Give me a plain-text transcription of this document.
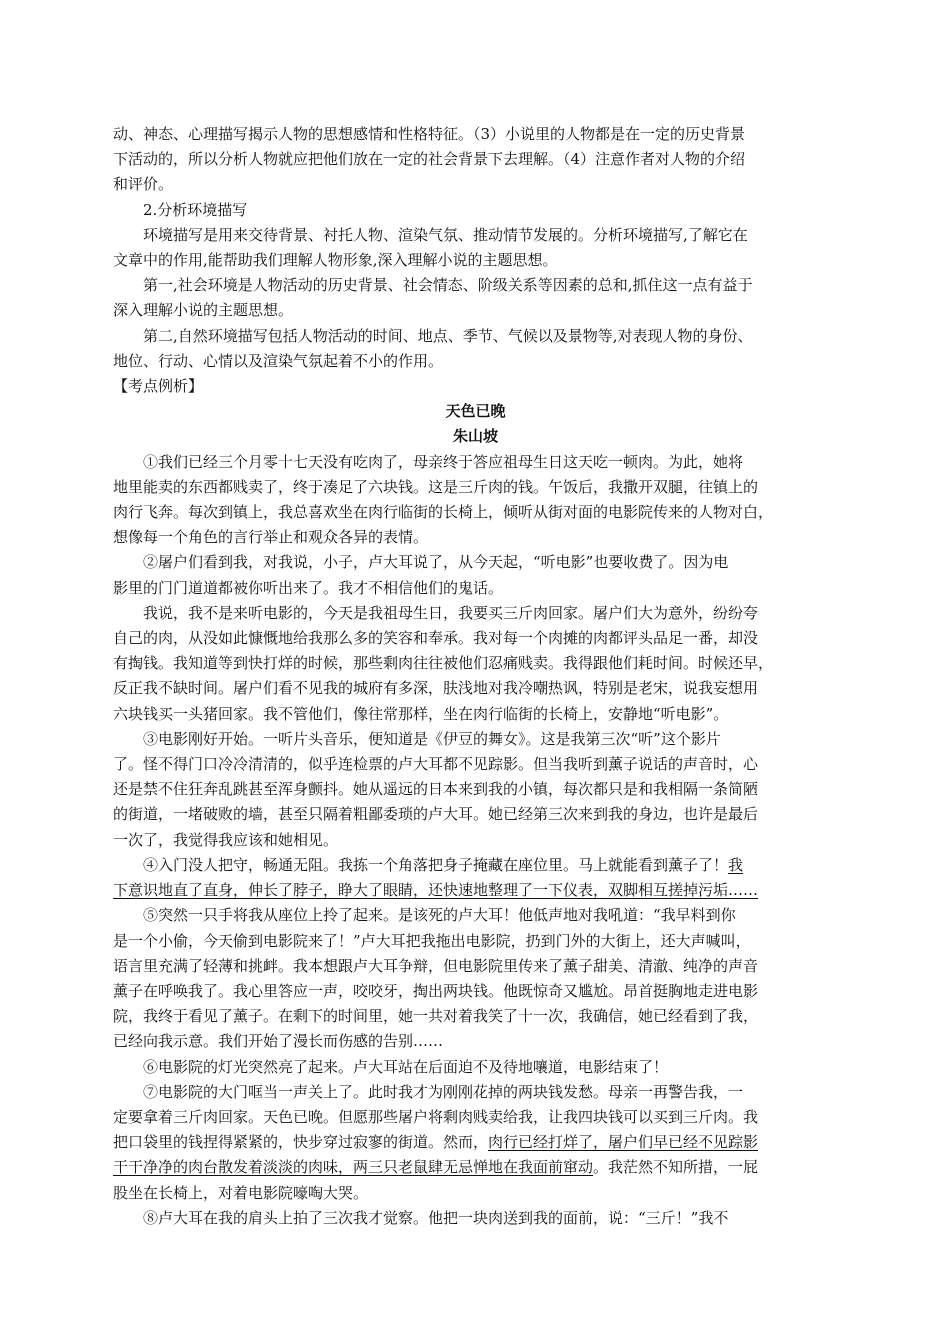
动、神态、心理描写揭示人物的思想感情和性格特征。（3）小说里的人物都是在一定的历史背景

下活动的，所以分析人物就应把他们放在一定的社会背景下去理解。（4）注意作者对人物的介绍

和评价。

2.分析环境描写

环境描写是用来交待背景、衬托人物、渲染气氛、推动情节发展的。分析环境描写,了解它在

文章中的作用,能帮助我们理解人物形象,深入理解小说的主题思想。

第一,社会环境是人物活动的历史背景、社会情态、阶级关系等因素的总和,抓住这一点有益于

深入理解小说的主题思想。

第二,自然环境描写包括人物活动的时间、地点、季节、气候以及景物等,对表现人物的身份、

地位、行动、心情以及渲染气氛起着不小的作用。

【考点例析】

天色已晚

朱山坡

①我们已经三个月零十七天没有吃肉了，母亲终于答应祖母生日这天吃一顿肉。为此，她将

地里能卖的东西都贱卖了，终于凑足了六块钱。这是三斤肉的钱。午饭后，我撒开双腿，往镇上的

肉行飞奔。每次到镇上，我总喜欢坐在肉行临街的长椅上，倾听从街对面的电影院传来的人物对白，

想像每一个角色的言行举止和观众各异的表情。

②屠户们看到我，对我说，小子，卢大耳说了，从今天起，“听电影”也要收费了。因为电

影里的门门道道都被你听出来了。我才不相信他们的鬼话。

我说，我不是来听电影的，今天是我祖母生日，我要买三斤肉回家。屠户们大为意外，纷纷夸

自己的肉，从没如此慷慨地给我那么多的笑容和奉承。我对每一个肉摊的肉都评头品足一番，却没

有掏钱。我知道等到快打烊的时候，那些剩肉往往被他们忍痛贱卖。我得跟他们耗时间。时候还早，

反正我不缺时间。屠户们看不见我的城府有多深，肤浅地对我冷嘲热讽，特别是老宋，说我妄想用

六块钱买一头猪回家。我不管他们，像往常那样，坐在肉行临街的长椅上，安静地“听电影”。

③电影刚好开始。一听片头音乐，便知道是《伊豆的舞女》。这是我第三次“听”这个影片

了。怪不得门口冷冷清清的，似乎连检票的卢大耳都不见踪影。但当我听到薰子说话的声音时，心

还是禁不住狂奔乱跳甚至浑身颤抖。她从遥远的日本来到我的小镇，每次都只是和我相隔一条简陋

的街道，一堵破败的墙，甚至只隔着粗鄙委琐的卢大耳。她已经第三次来到我的身边，也许是最后

一次了，我觉得我应该和她相见。

④入门没人把守，畅通无阻。我拣一个角落把身子掩藏在座位里。马上就能看到薰子了！我

下意识地直了直身，伸长了脖子，睁大了眼睛，还快速地整理了一下仪表，双脚相互搓掉污垢……

⑤突然一只手将我从座位上拎了起来。是该死的卢大耳！他低声地对我吼道：“我早料到你

是一个小偷，今天偷到电影院来了！”卢大耳把我拖出电影院，扔到门外的大街上，还大声喊叫，

语言里充满了轻薄和挑衅。我本想跟卢大耳争辩，但电影院里传来了薰子甜美、清澈、纯净的声音

薰子在呼唤我了。我心里答应一声，咬咬牙，掏出两块钱。他既惊奇又尴尬。昂首挺胸地走进电影

院，我终于看见了薰子。在剩下的时间里，她一共对着我笑了十一次，我确信，她已经看到了我，

已经向我示意。我们开始了漫长而伤感的告别……

⑥电影院的灯光突然亮了起来。卢大耳站在后面迫不及待地嚷道，电影结束了！

⑦电影院的大门哐当一声关上了。此时我才为刚刚花掉的两块钱发愁。母亲一再警告我，一

定要拿着三斤肉回家。天色已晚。但愿那些屠户将剩肉贱卖给我，让我四块钱可以买到三斤肉。我

把口袋里的钱捏得紧紧的，快步穿过寂寥的街道。然而，肉行已经打烊了，屠户们早已经不见踪影

干干净净的肉台散发着淡淡的肉味，两三只老鼠肆无忌惮地在我面前窜动。我茫然不知所措，一屁

股坐在长椅上，对着电影院嚎啕大哭。

⑧卢大耳在我的肩头上拍了三次我才觉察。他把一块肉送到我的面前，说：“三斤！”我不
